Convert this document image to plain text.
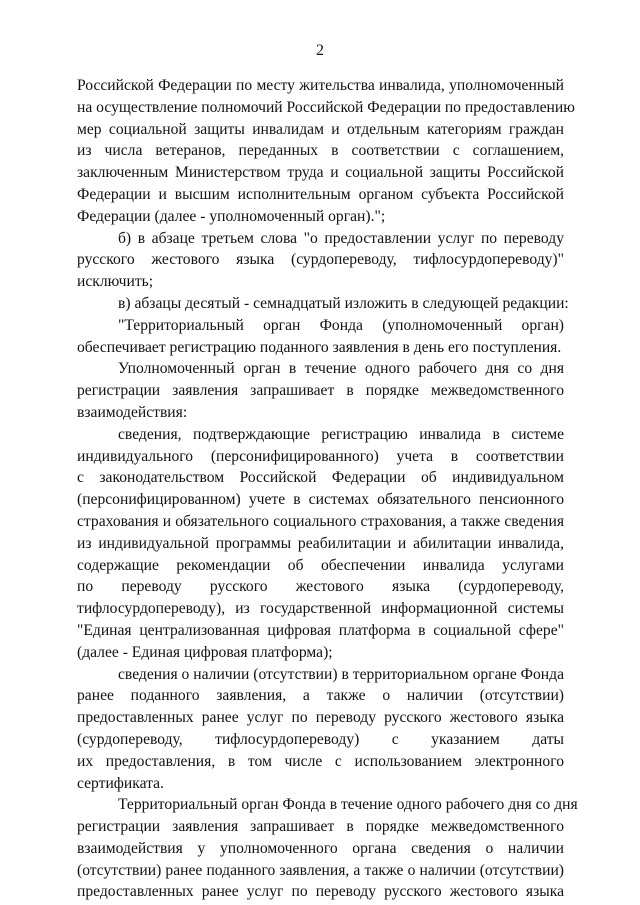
2
Российской Федерации по месту жительства инвалида, уполномоченный
на осуществление полномочий Российской Федерации по предоставлению
мер социальной защиты инвалидам и отдельным категориям граждан
из числа ветеранов, переданных в соответствии с соглашением,
заключенным Министерством труда и социальной защиты Российской
Федерации и высшим исполнительным органом субъекта Российской
Федерации (далее - уполномоченный орган).";
б) в абзаце третьем слова "о предоставлении услуг по переводу
русского жестового языка (сурдопереводу, тифлосурдопереводу)"
исключить;
в) абзацы десятый - семнадцатый изложить в следующей редакции:
"Территориальный орган Фонда (уполномоченный орган)
обеспечивает регистрацию поданного заявления в день его поступления.
Уполномоченный орган в течение одного рабочего дня со дня
регистрации заявления запрашивает в порядке межведомственного
взаимодействия:
сведения, подтверждающие регистрацию инвалида в системе
индивидуального (персонифицированного) учета в соответствии
с законодательством Российской Федерации об индивидуальном
(персонифицированном) учете в системах обязательного пенсионного
страхования и обязательного социального страхования, а также сведения
из индивидуальной программы реабилитации и абилитации инвалида,
содержащие рекомендации об обеспечении инвалида услугами
по переводу русского жестового языка (сурдопереводу,
тифлосурдопереводу), из государственной информационной системы
"Единая централизованная цифровая платформа в социальной сфере"
(далее - Единая цифровая платформа);
сведения о наличии (отсутствии) в территориальном органе Фонда
ранее поданного заявления, а также о наличии (отсутствии)
предоставленных ранее услуг по переводу русского жестового языка
(сурдопереводу, тифлосурдопереводу) с указанием даты
их предоставления, в том числе с использованием электронного
сертификата.
Территориальный орган Фонда в течение одного рабочего дня со дня
регистрации заявления запрашивает в порядке межведомственного
взаимодействия у уполномоченного органа сведения о наличии
(отсутствии) ранее поданного заявления, а также о наличии (отсутствии)
предоставленных ранее услуг по переводу русского жестового языка
